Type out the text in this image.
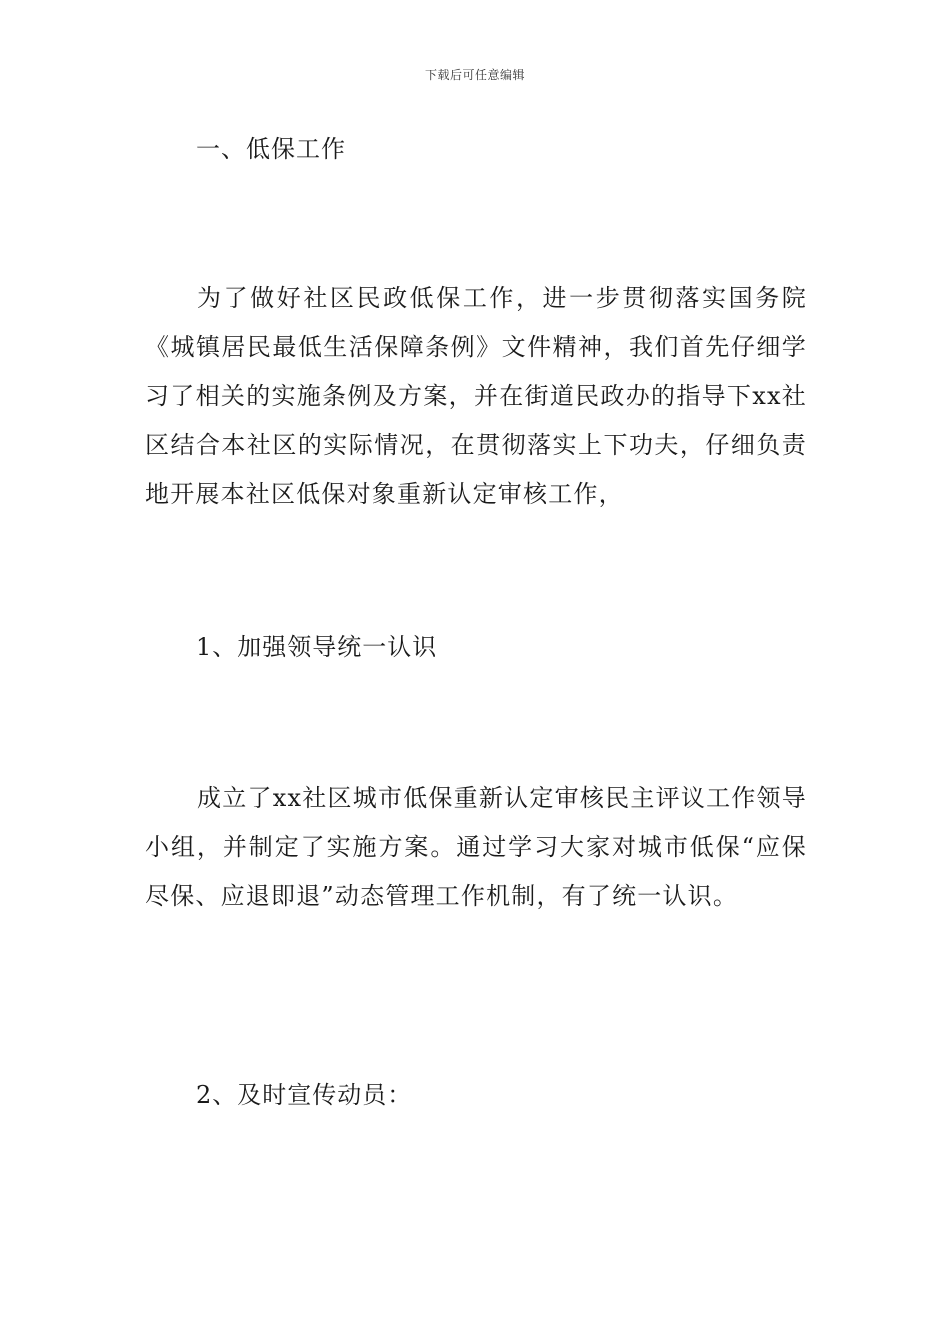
下载后可任意编辑
一、低保工作
为了做好社区民政低保工作，进一步贯彻落实国务院《城镇居民最低生活保障条例》文件精神，我们首先仔细学习了相关的实施条例及方案，并在街道民政办的指导下xx社区结合本社区的实际情况，在贯彻落实上下功夫，仔细负责地开展本社区低保对象重新认定审核工作，
1、加强领导统一认识
成立了xx社区城市低保重新认定审核民主评议工作领导小组，并制定了实施方案。通过学习大家对城市低保“应保尽保、应退即退”动态管理工作机制，有了统一认识。
2、及时宣传动员：
